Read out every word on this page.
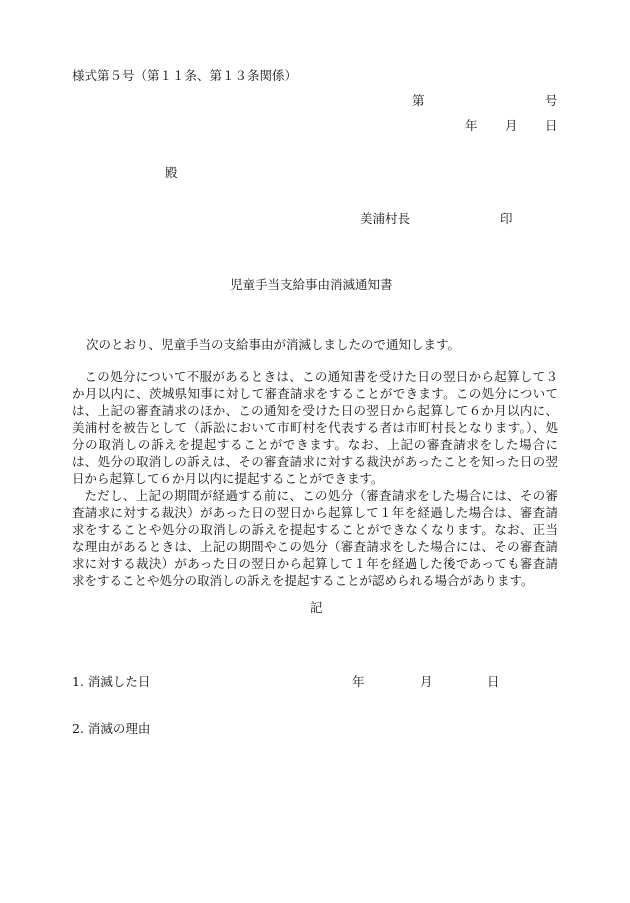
様式第５号（第１１条、第１３条関係）
第	号
年 月 日
殿
美浦村長	印
児童手当支給事由消滅通知書
次のとおり、児童手当の支給事由が消滅しましたので通知します。

この処分について不服があるときは、この通知書を受けた日の翌日から起算して３か月以内に、茨城県知事に対して審査請求をすることができます。この処分については、上記の審査請求のほか、この通知を受けた日の翌日から起算して６か月以内に、美浦村を被告として（訴訟において市町村を代表する者は市町村長となります。）、処分の取消しの訴えを提起することができます。なお、上記の審査請求をした場合には、処分の取消しの訴えは、その審査請求に対する裁決があったことを知った日の翌日から起算して６か月以内に提起することができます。

ただし、上記の期間が経過する前に、この処分（審査請求をした場合には、その審査請求に対する裁決）があった日の翌日から起算して１年を経過した場合は、審査請求をすることや処分の取消しの訴えを提起することができなくなります。なお、正当な理由があるときは、上記の期間やこの処分（審査請求をした場合には、その審査請求に対する裁決）があった日の翌日から起算して１年を経過した後であっても審査請求をすることや処分の取消しの訴えを提起することが認められる場合があります。

記
1. 消滅した日	年	月	日
2. 消滅の理由
